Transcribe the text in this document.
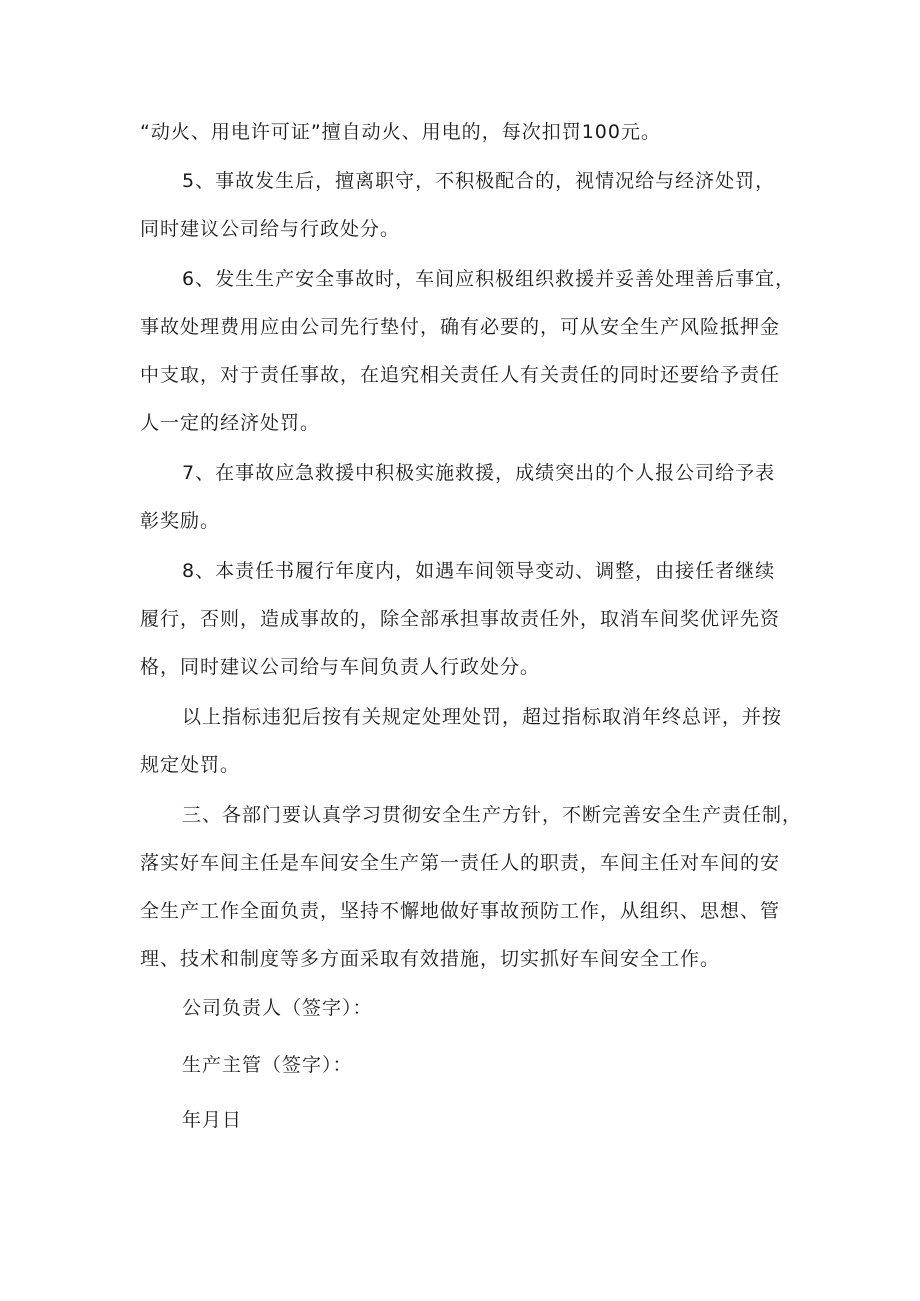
“动火、用电许可证”擅自动火、用电的，每次扣罚100元。

5、事故发生后，擅离职守，不积极配合的，视情况给与经济处罚，
同时建议公司给与行政处分。

6、发生生产安全事故时，车间应积极组织救援并妥善处理善后事宜，
事故处理费用应由公司先行垫付，确有必要的，可从安全生产风险抵押金
中支取，对于责任事故，在追究相关责任人有关责任的同时还要给予责任
人一定的经济处罚。

7、在事故应急救援中积极实施救援，成绩突出的个人报公司给予表
彰奖励。

8、本责任书履行年度内，如遇车间领导变动、调整，由接任者继续
履行，否则，造成事故的，除全部承担事故责任外，取消车间奖优评先资
格，同时建议公司给与车间负责人行政处分。

以上指标违犯后按有关规定处理处罚，超过指标取消年终总评，并按
规定处罚。

三、各部门要认真学习贯彻安全生产方针，不断完善安全生产责任制，
落实好车间主任是车间安全生产第一责任人的职责，车间主任对车间的安
全生产工作全面负责，坚持不懈地做好事故预防工作，从组织、思想、管
理、技术和制度等多方面采取有效措施，切实抓好车间安全工作。

公司负责人（签字）：

生产主管（签字）：

年月日
